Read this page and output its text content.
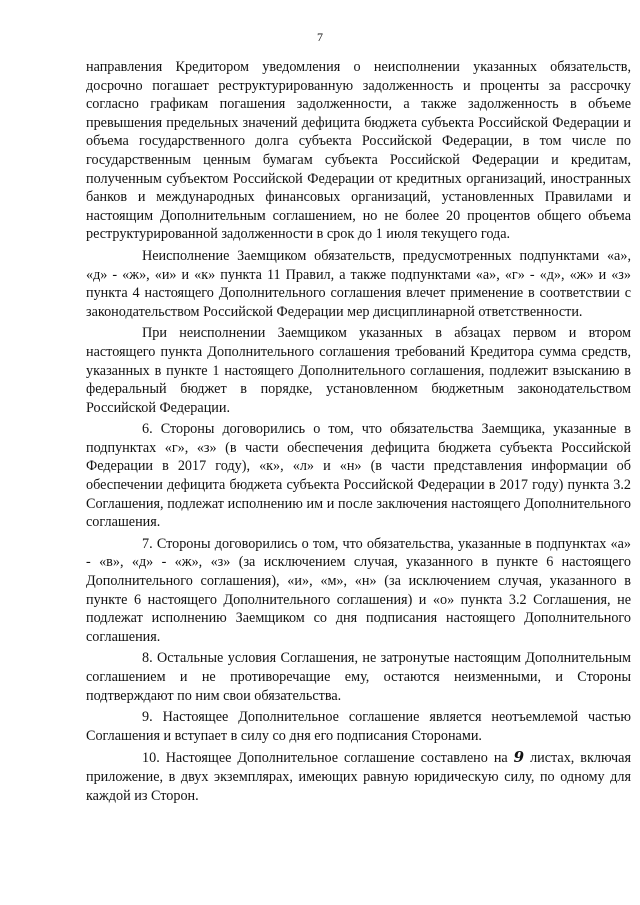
7

направления Кредитором уведомления о неисполнении указанных обязательств, досрочно погашает реструктурированную задолженность и проценты за рассрочку согласно графикам погашения задолженности, а также задолженность в объеме превышения предельных значений дефицита бюджета субъекта Российской Федерации и объема государственного долга субъекта Российской Федерации, в том числе по государственным ценным бумагам субъекта Российской Федерации и кредитам, полученным субъектом Российской Федерации от кредитных организаций, иностранных банков и международных финансовых организаций, установленных Правилами и настоящим Дополнительным соглашением, но не более 20 процентов общего объема реструктурированной задолженности в срок до 1 июля текущего года.

Неисполнение Заемщиком обязательств, предусмотренных подпунктами «а», «д» - «ж», «и» и «к» пункта 11 Правил, а также подпунктами «а», «г» - «д», «ж» и «з» пункта 4 настоящего Дополнительного соглашения влечет применение в соответствии с законодательством Российской Федерации мер дисциплинарной ответственности.

При неисполнении Заемщиком указанных в абзацах первом и втором настоящего пункта Дополнительного соглашения требований Кредитора сумма средств, указанных в пункте 1 настоящего Дополнительного соглашения, подлежит взысканию в федеральный бюджет в порядке, установленном бюджетным законодательством Российской Федерации.

6. Стороны договорились о том, что обязательства Заемщика, указанные в подпунктах «г», «з» (в части обеспечения дефицита бюджета субъекта Российской Федерации в 2017 году), «к», «л» и «н» (в части представления информации об обеспечении дефицита бюджета субъекта Российской Федерации в 2017 году) пункта 3.2 Соглашения, подлежат исполнению им и после заключения настоящего Дополнительного соглашения.

7. Стороны договорились о том, что обязательства, указанные в подпунктах «а» - «в», «д» - «ж», «з» (за исключением случая, указанного в пункте 6 настоящего Дополнительного соглашения), «и», «м», «н» (за исключением случая, указанного в пункте 6 настоящего Дополнительного соглашения) и «о» пункта 3.2 Соглашения, не подлежат исполнению Заемщиком со дня подписания настоящего Дополнительного соглашения.

8. Остальные условия Соглашения, не затронутые настоящим Дополнительным соглашением и не противоречащие ему, остаются неизменными, и Стороны подтверждают по ним свои обязательства.

9. Настоящее Дополнительное соглашение является неотъемлемой частью Соглашения и вступает в силу со дня его подписания Сторонами.

10. Настоящее Дополнительное соглашение составлено на 9 листах, включая приложение, в двух экземплярах, имеющих равную юридическую силу, по одному для каждой из Сторон.
